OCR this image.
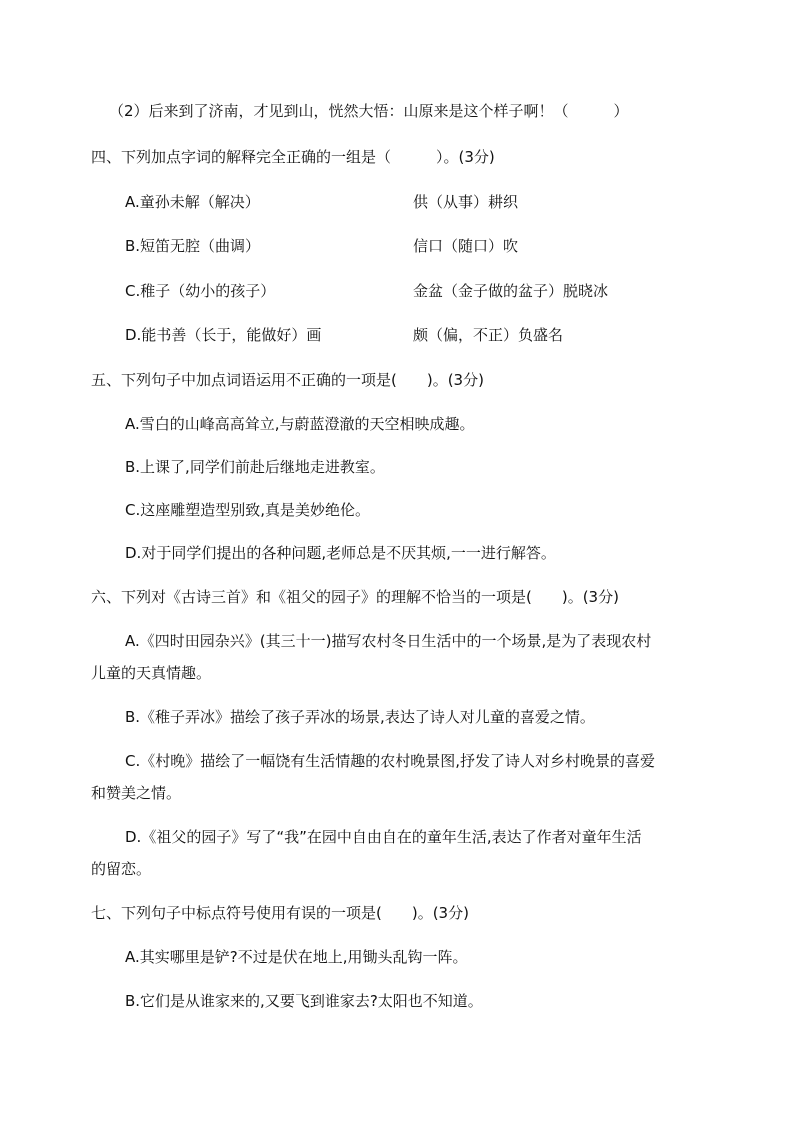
（2）后来到了济南，才见到山，恍然大悟：山原来是这个样子啊！（　　　）
四、下列加点字词的解释完全正确的一组是（　　　）。(3分)
A.童孙未解（解决）	供（从事）耕织
B.短笛无腔（曲调）	信口（随口）吹
C.稚子（幼小的孩子）	金盆（金子做的盆子）脱晓冰
D.能书善（长于，能做好）画	颇（偏，不正）负盛名
五、下列句子中加点词语运用不正确的一项是(　　)。(3分)
A.雪白的山峰高高耸立,与蔚蓝澄澈的天空相映成趣。
B.上课了,同学们前赴后继地走进教室。
C.这座雕塑造型别致,真是美妙绝伦。
D.对于同学们提出的各种问题,老师总是不厌其烦,一一进行解答。
六、下列对《古诗三首》和《祖父的园子》的理解不恰当的一项是(　　)。(3分)
A.《四时田园杂兴》(其三十一)描写农村冬日生活中的一个场景,是为了表现农村
儿童的天真情趣。
B.《稚子弄冰》描绘了孩子弄冰的场景,表达了诗人对儿童的喜爱之情。
C.《村晚》描绘了一幅饶有生活情趣的农村晚景图,抒发了诗人对乡村晚景的喜爱
和赞美之情。
D.《祖父的园子》写了“我”在园中自由自在的童年生活,表达了作者对童年生活
的留恋。
七、下列句子中标点符号使用有误的一项是(　　)。(3分)
A.其实哪里是铲?不过是伏在地上,用锄头乱钩一阵。
B.它们是从谁家来的,又要飞到谁家去?太阳也不知道。
